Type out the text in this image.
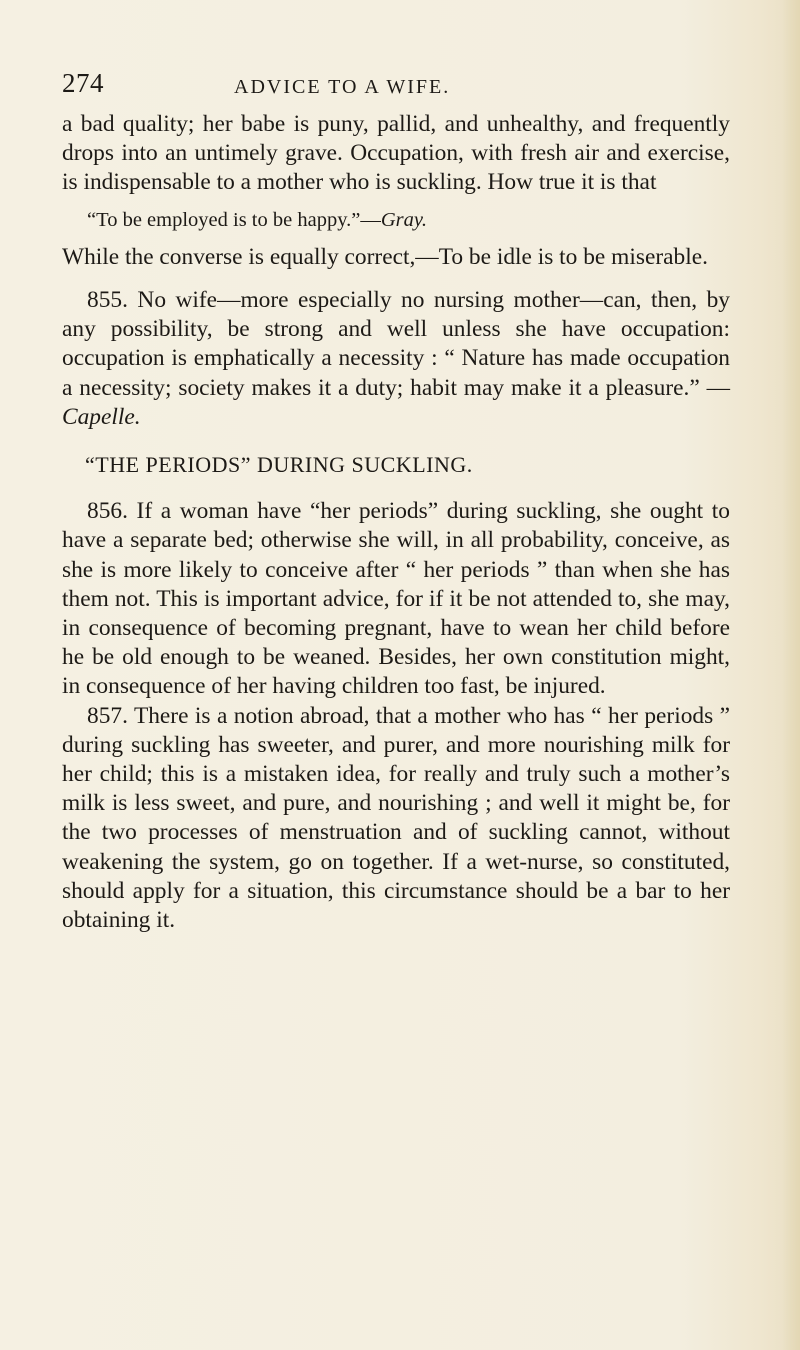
274	ADVICE TO A WIFE.

a bad quality; her babe is puny, pallid, and unhealthy, and frequently drops into an untimely grave. Occupation, with fresh air and exercise, is indispensable to a mother who is suckling. How true it is that

“To be employed is to be happy.”—Gray.

While the converse is equally correct,—To be idle is to be miserable.

855. No wife—more especially no nursing mother—can, then, by any possibility, be strong and well unless she have occupation: occupation is emphatically a necessity : “ Nature has made occupation a necessity; society makes it a duty; habit may make it a pleasure.” —Capelle.

“THE PERIODS” DURING SUCKLING.

856. If a woman have “her periods” during suckling, she ought to have a separate bed; otherwise she will, in all probability, conceive, as she is more likely to conceive after “ her periods ” than when she has them not. This is important advice, for if it be not attended to, she may, in consequence of becoming pregnant, have to wean her child before he be old enough to be weaned. Besides, her own constitution might, in consequence of her having children too fast, be injured.

857. There is a notion abroad, that a mother who has “ her periods ” during suckling has sweeter, and purer, and more nourishing milk for her child; this is a mistaken idea, for really and truly such a mother’s milk is less sweet, and pure, and nourishing ; and well it might be, for the two processes of menstruation and of suckling cannot, without weakening the system, go on together. If a wet-nurse, so constituted, should apply for a situation, this circumstance should be a bar to her obtaining it.
